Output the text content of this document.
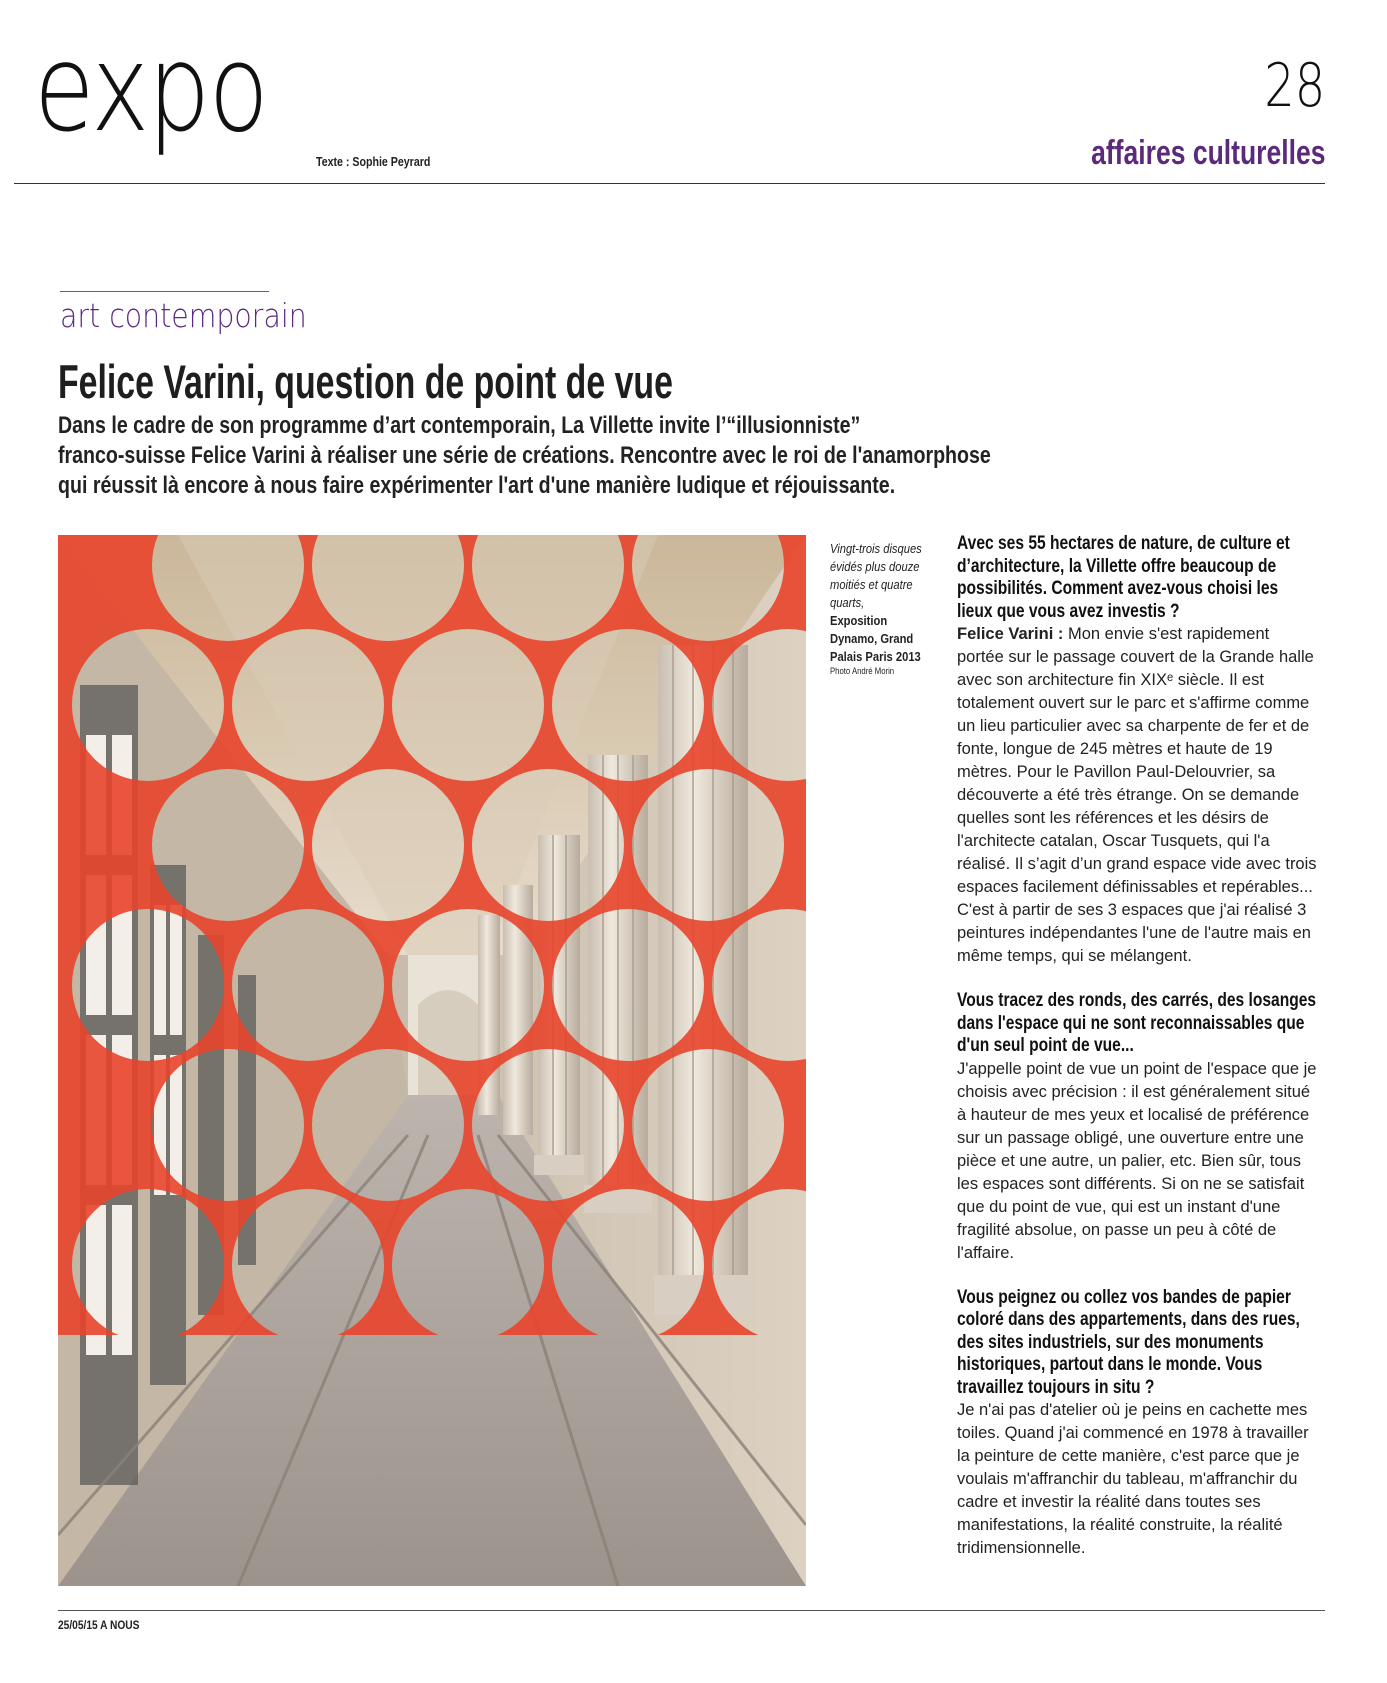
expo
Texte : Sophie Peyrard
28
affaires culturelles
art contemporain
Felice Varini, question de point de vue
Dans le cadre de son programme d’art contemporain, La Villette invite l’“illusionniste”
franco-suisse Felice Varini à réaliser une série de créations. Rencontre avec le roi de l'anamorphose
qui réussit là encore à nous faire expérimenter l'art d'une manière ludique et réjouissante.
Vingt-trois disques évidés plus douze moitiés et quatre quarts,
Exposition Dynamo, Grand Palais Paris 2013
Photo André Morin
Avec ses 55 hectares de nature, de culture et d’architecture, la Villette offre beaucoup de possibilités. Comment avez-vous choisi les lieux que vous avez investis ?
Felice Varini : Mon envie s'est rapidement portée sur le passage couvert de la Grande halle avec son architecture fin XIXᵉ siècle. Il est totalement ouvert sur le parc et s'affirme comme un lieu particulier avec sa charpente de fer et de fonte, longue de 245 mètres et haute de 19 mètres. Pour le Pavillon Paul-Delouvrier, sa découverte a été très étrange. On se demande quelles sont les références et les désirs de l'architecte catalan, Oscar Tusquets, qui l'a réalisé. Il s’agit d’un grand espace vide avec trois espaces facilement définissables et repérables... C'est à partir de ses 3 espaces que j'ai réalisé 3 peintures indépendantes l'une de l'autre mais en même temps, qui se mélangent.
Vous tracez des ronds, des carrés, des losanges dans l'espace qui ne sont reconnaissables que d'un seul point de vue...
J'appelle point de vue un point de l'espace que je choisis avec précision : il est généralement situé à hauteur de mes yeux et localisé de préférence sur un passage obligé, une ouverture entre une pièce et une autre, un palier, etc. Bien sûr, tous les espaces sont différents. Si on ne se satisfait que du point de vue, qui est un instant d'une fragilité absolue, on passe un peu à côté de l'affaire.
Vous peignez ou collez vos bandes de papier coloré dans des appartements, dans des rues, des sites industriels, sur des monuments historiques, partout dans le monde. Vous travaillez toujours in situ ?
Je n'ai pas d'atelier où je peins en cachette mes toiles. Quand j'ai commencé en 1978 à travailler la peinture de cette manière, c'est parce que je voulais m'affranchir du tableau, m'affranchir du cadre et investir la réalité dans toutes ses manifestations, la réalité construite, la réalité tridimensionnelle.
25/05/15 A NOUS
